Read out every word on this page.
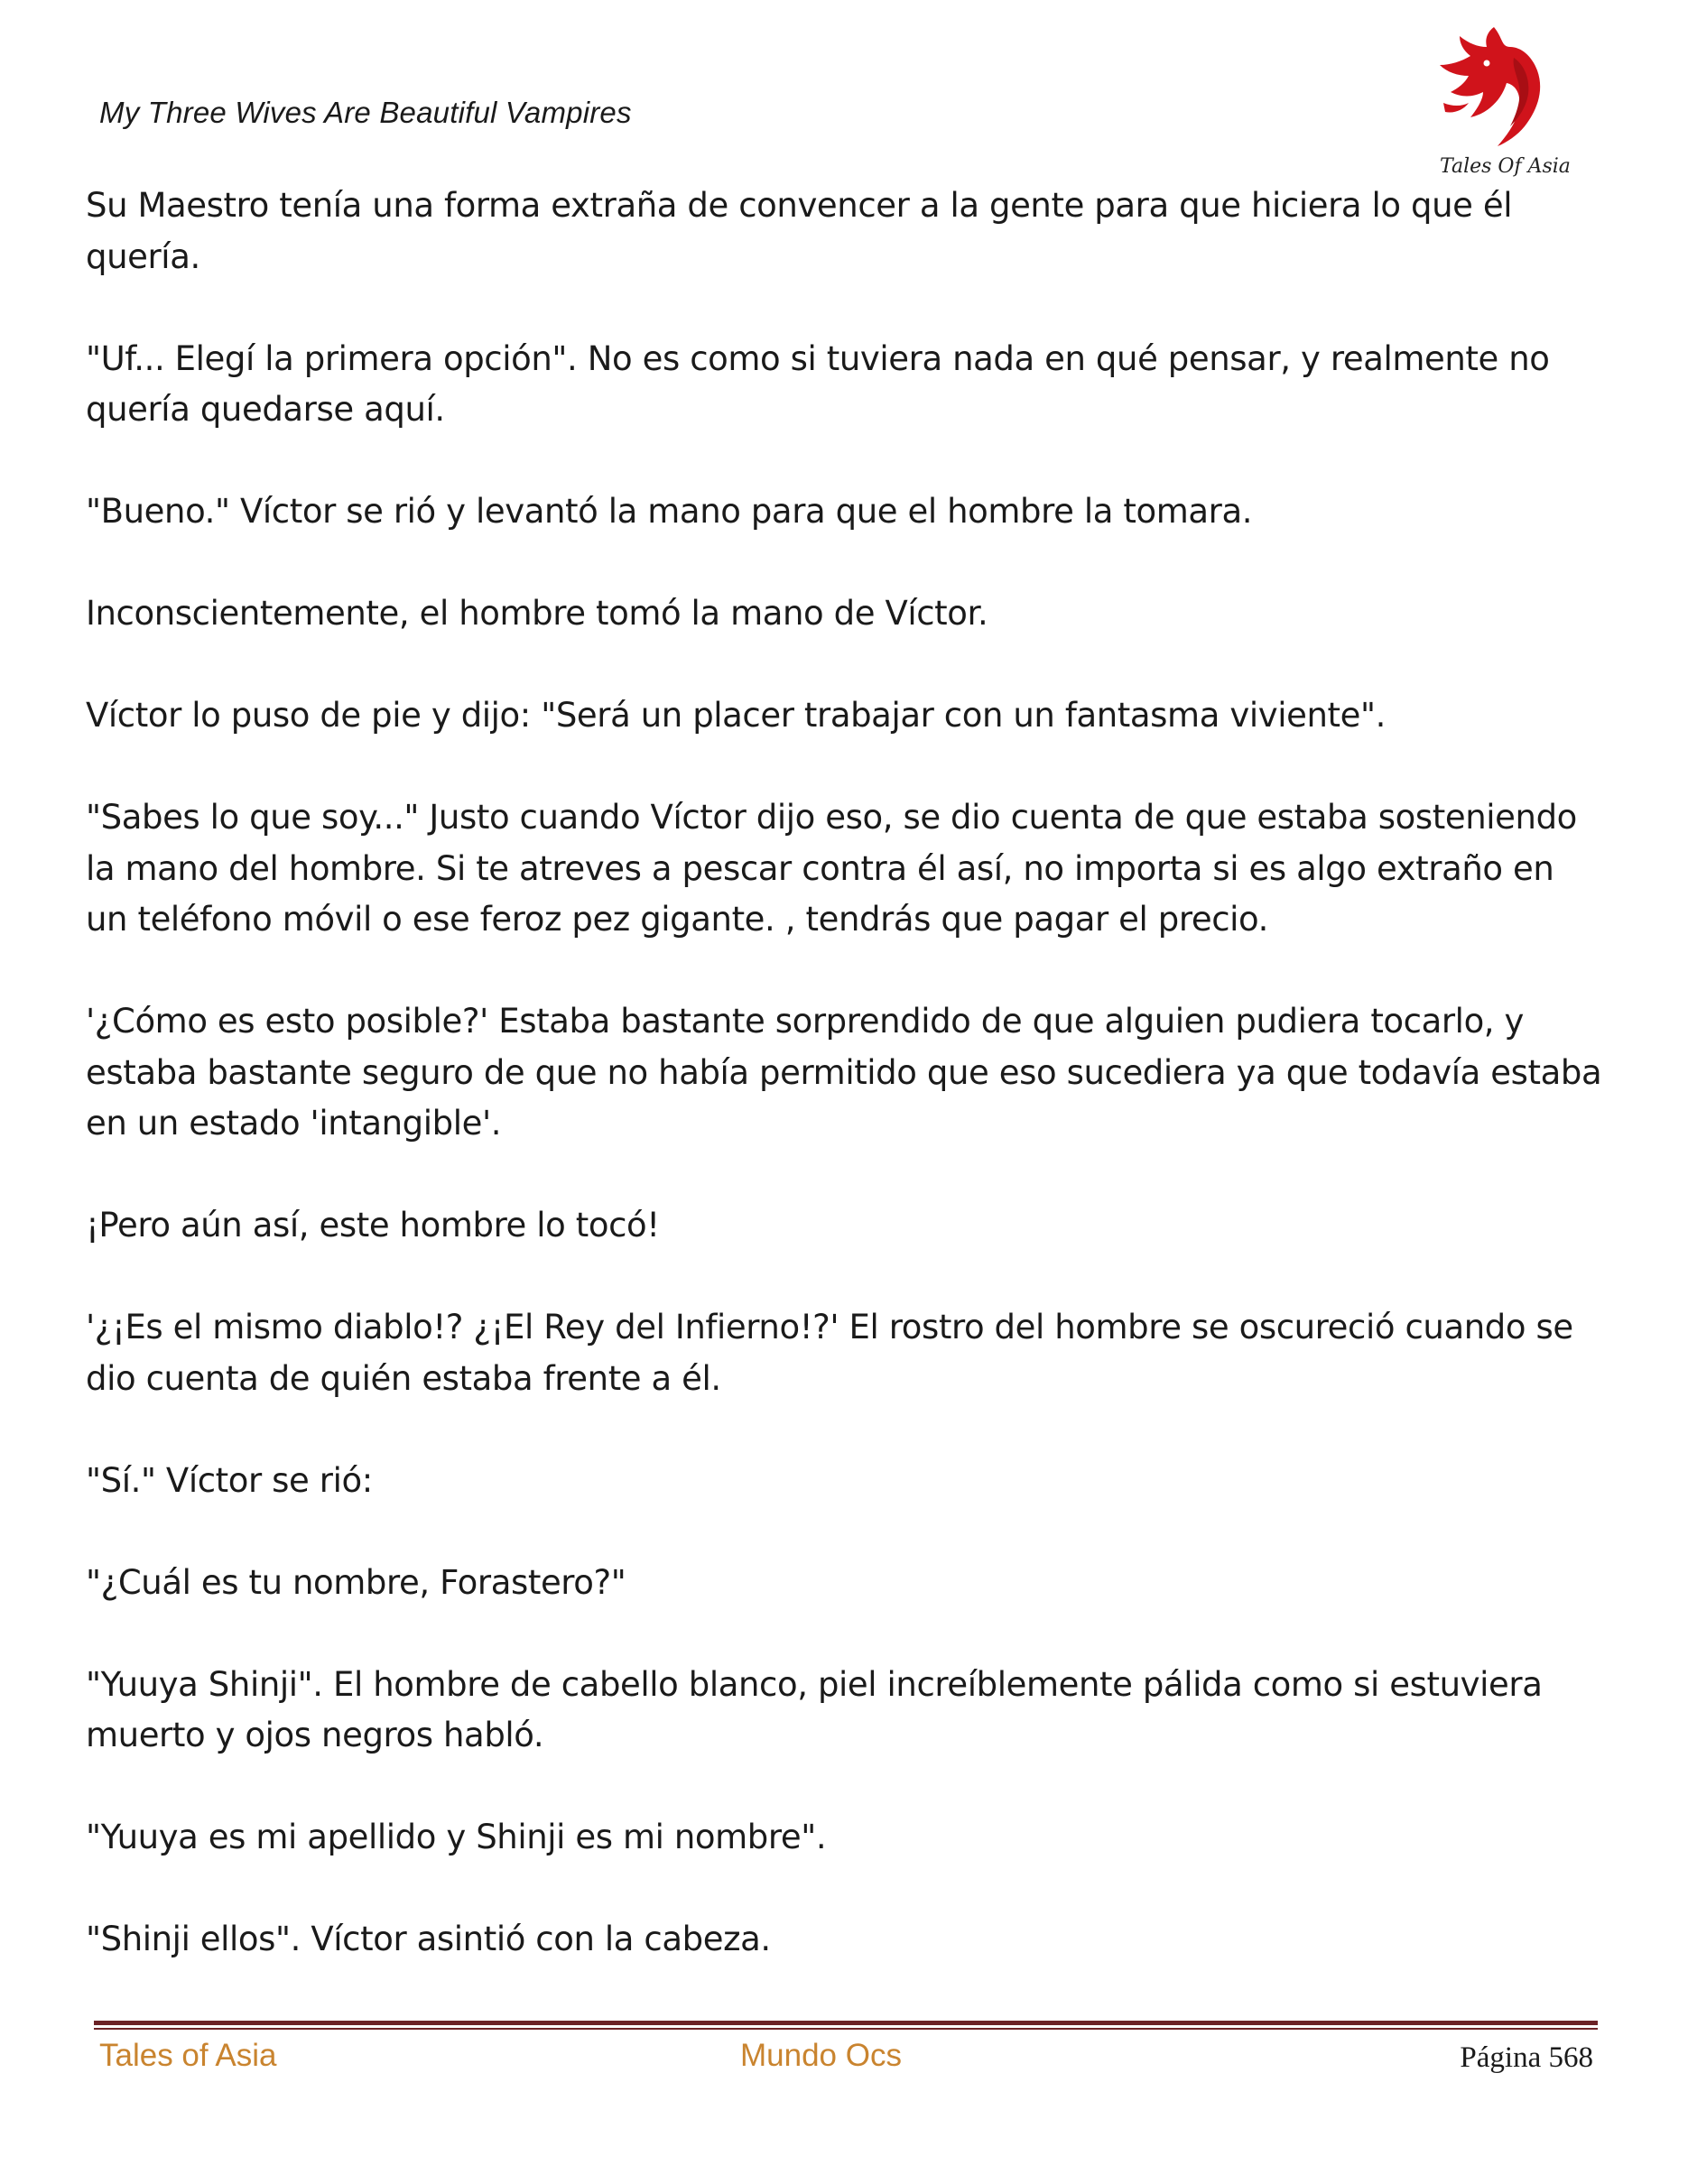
My Three Wives Are Beautiful Vampires
Tales Of Asia

Su Maestro tenía una forma extraña de convencer a la gente para que hiciera lo que él quería.

"Uf... Elegí la primera opción". No es como si tuviera nada en qué pensar, y realmente no quería quedarse aquí.

"Bueno." Víctor se rió y levantó la mano para que el hombre la tomara.

Inconscientemente, el hombre tomó la mano de Víctor.

Víctor lo puso de pie y dijo: "Será un placer trabajar con un fantasma viviente".

"Sabes lo que soy..." Justo cuando Víctor dijo eso, se dio cuenta de que estaba sosteniendo la mano del hombre. Si te atreves a pescar contra él así, no importa si es algo extraño en un teléfono móvil o ese feroz pez gigante. , tendrás que pagar el precio.

'¿Cómo es esto posible?' Estaba bastante sorprendido de que alguien pudiera tocarlo, y estaba bastante seguro de que no había permitido que eso sucediera ya que todavía estaba en un estado 'intangible'.

¡Pero aún así, este hombre lo tocó!

'¿¡Es el mismo diablo!? ¿¡El Rey del Infierno!?' El rostro del hombre se oscureció cuando se dio cuenta de quién estaba frente a él.

"Sí." Víctor se rió:

"¿Cuál es tu nombre, Forastero?"

"Yuuya Shinji". El hombre de cabello blanco, piel increíblemente pálida como si estuviera muerto y ojos negros habló.

"Yuuya es mi apellido y Shinji es mi nombre".

"Shinji ellos". Víctor asintió con la cabeza.

Tales of Asia	Mundo Ocs	Página 568
